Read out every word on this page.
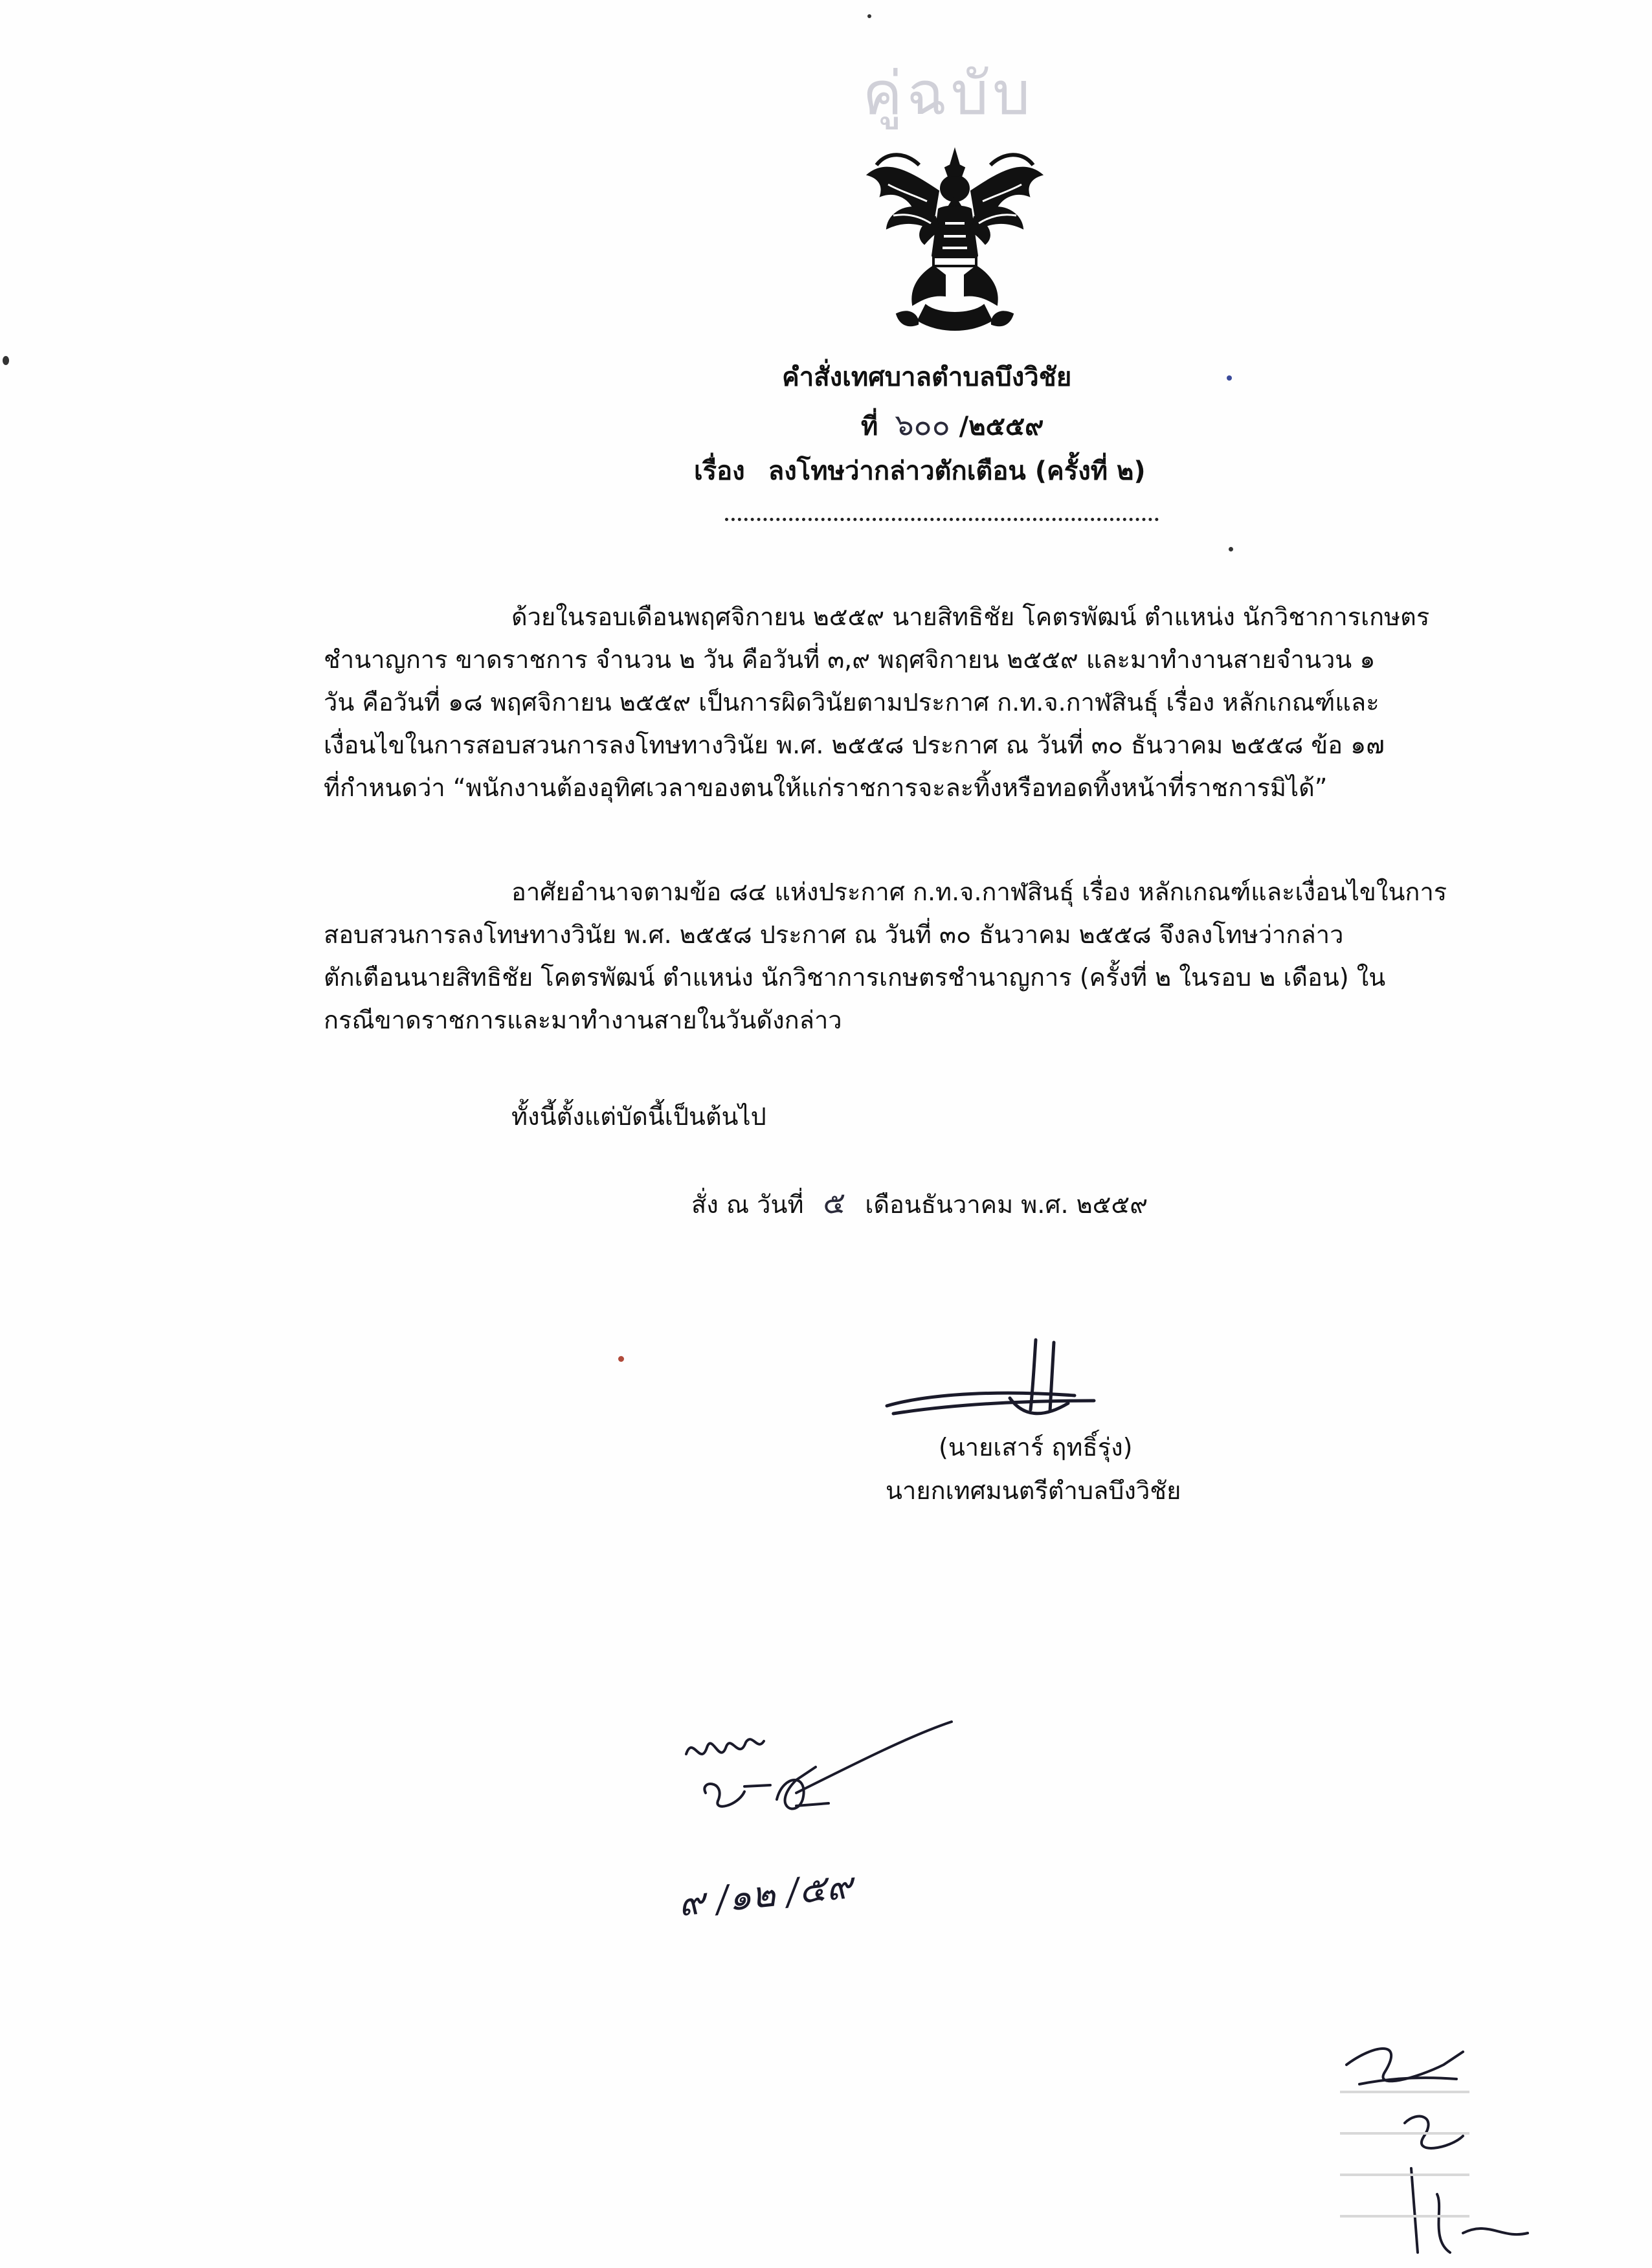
คู่ฉบับ
คำสั่งเทศบาลตำบลบึงวิชัย
ที่ ๖๐๐ /๒๕๕๙
เรื่อง ลงโทษว่ากล่าวตักเตือน (ครั้งที่ ๒)
ด้วยในรอบเดือนพฤศจิกายน ๒๕๕๙ นายสิทธิชัย โคตรพัฒน์ ตำแหน่ง นักวิชาการเกษตร
ชำนาญการ ขาดราชการ จำนวน ๒ วัน คือวันที่ ๓,๙ พฤศจิกายน ๒๕๕๙ และมาทำงานสายจำนวน ๑
วัน คือวันที่ ๑๘ พฤศจิกายน ๒๕๕๙ เป็นการผิดวินัยตามประกาศ ก.ท.จ.กาฬสินธุ์ เรื่อง หลักเกณฑ์และ
เงื่อนไขในการสอบสวนการลงโทษทางวินัย พ.ศ. ๒๕๕๘ ประกาศ ณ วันที่ ๓๐ ธันวาคม ๒๕๕๘ ข้อ ๑๗
ที่กำหนดว่า “พนักงานต้องอุทิศเวลาของตนให้แก่ราชการจะละทิ้งหรือทอดทิ้งหน้าที่ราชการมิได้”
อาศัยอำนาจตามข้อ ๘๔ แห่งประกาศ ก.ท.จ.กาฬสินธุ์ เรื่อง หลักเกณฑ์และเงื่อนไขในการ
สอบสวนการลงโทษทางวินัย พ.ศ. ๒๕๕๘ ประกาศ ณ วันที่ ๓๐ ธันวาคม ๒๕๕๘ จึงลงโทษว่ากล่าว
ตักเตือนนายสิทธิชัย โคตรพัฒน์ ตำแหน่ง นักวิชาการเกษตรชำนาญการ (ครั้งที่ ๒ ในรอบ ๒ เดือน) ใน
กรณีขาดราชการและมาทำงานสายในวันดังกล่าว
ทั้งนี้ตั้งแต่บัดนี้เป็นต้นไป
สั่ง ณ วันที่ ๕ เดือนธันวาคม พ.ศ. ๒๕๕๙
(นายเสาร์ ฤทธิ์รุ่ง)
นายกเทศมนตรีตำบลบึงวิชัย
๙ /๑๒ /๕๙
